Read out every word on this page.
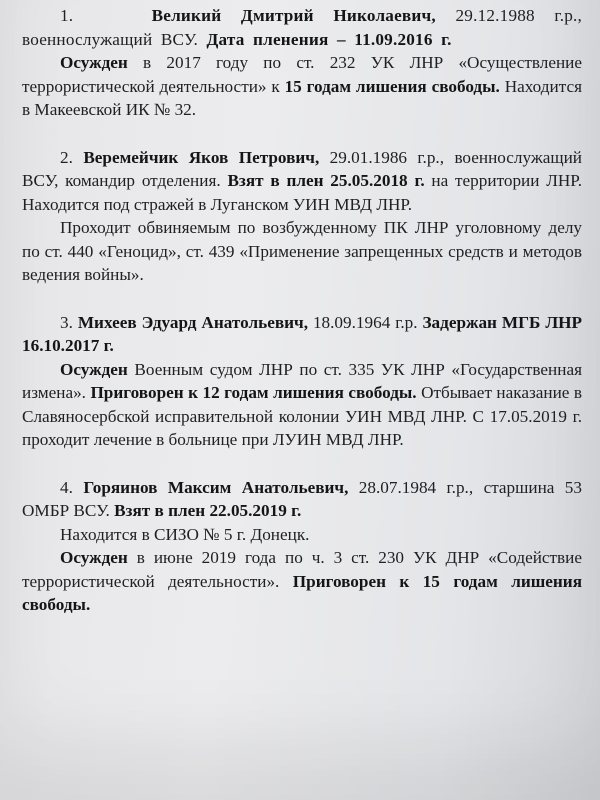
1.	Великий Дмитрий Николаевич, 29.12.1988 г.р., военнослужащий ВСУ. Дата пленения – 11.09.2016 г.

Осужден в 2017 году по ст. 232 УК ЛНР «Осуществление террористической деятельности» к 15 годам лишения свободы. Находится в Макеевской ИК № 32.

2. Веремейчик Яков Петрович, 29.01.1986 г.р., военнослужащий ВСУ, командир отделения. Взят в плен 25.05.2018 г. на территории ЛНР. Находится под стражей в Луганском УИН МВД ЛНР.

Проходит обвиняемым по возбужденному ПК ЛНР уголовному делу по ст. 440 «Геноцид», ст. 439 «Применение запрещенных средств и методов ведения войны».

3. Михеев Эдуард Анатольевич, 18.09.1964 г.р. Задержан МГБ ЛНР 16.10.2017 г.

Осужден Военным судом ЛНР по ст. 335 УК ЛНР «Государственная измена». Приговорен к 12 годам лишения свободы. Отбывает наказание в Славяносербской исправительной колонии УИН МВД ЛНР. С 17.05.2019 г. проходит лечение в больнице при ЛУИН МВД ЛНР.

4. Горяинов Максим Анатольевич, 28.07.1984 г.р., старшина 53 ОМБР ВСУ. Взят в плен 22.05.2019 г.

Находится в СИЗО № 5 г. Донецк.

Осужден в июне 2019 года по ч. 3 ст. 230 УК ДНР «Содействие террористической деятельности». Приговорен к 15 годам лишения свободы.
